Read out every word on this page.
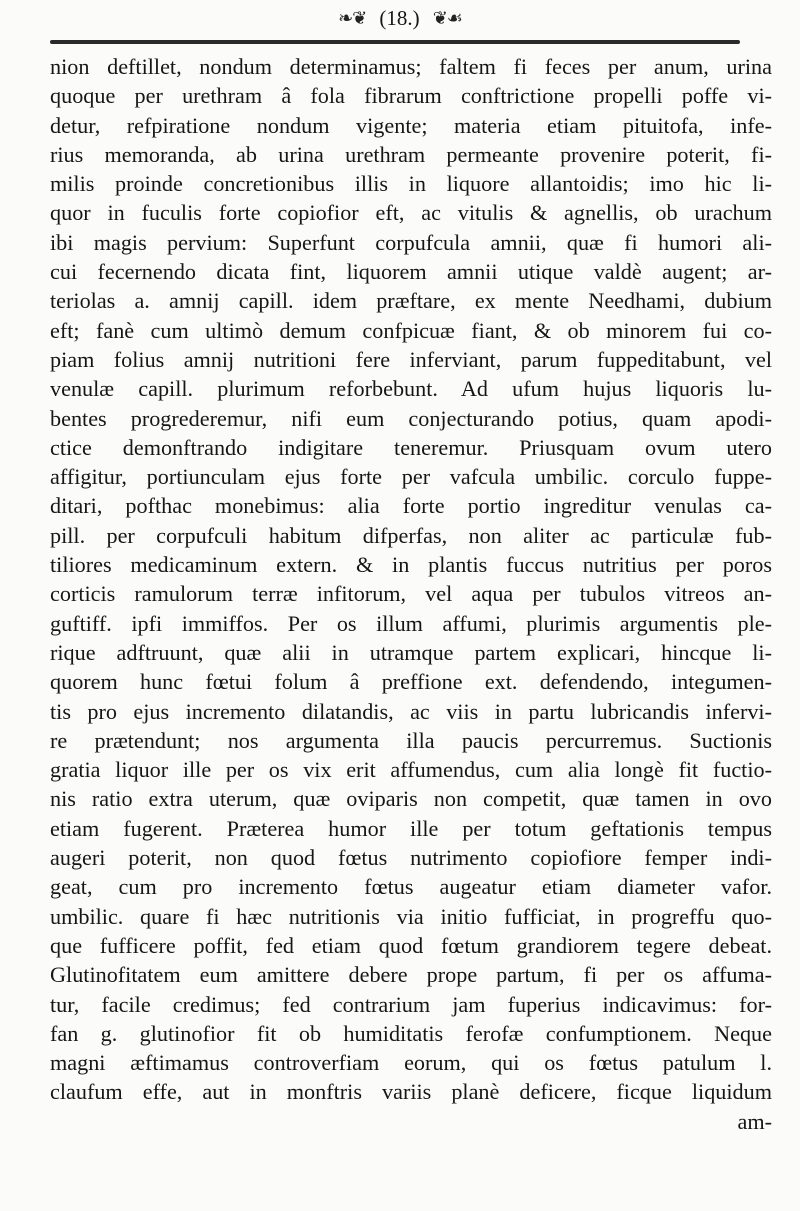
❧❦ (18.) ❦☙
nion deftillet, nondum determinamus; faltem fi feces per anum, urina
quoque per urethram â fola fibrarum conftrictione propelli poffe vi-
detur, refpiratione nondum vigente; materia etiam pituitofa, infe-
rius memoranda, ab urina urethram permeante provenire poterit, fi-
milis proinde concretionibus illis in liquore allantoidis; imo hic li-
quor in fuculis forte copiofior eft, ac vitulis & agnellis, ob urachum
ibi magis pervium: Superfunt corpufcula amnii, quæ fi humori ali-
cui fecernendo dicata fint, liquorem amnii utique valdè augent; ar-
teriolas a. amnij capill. idem præftare, ex mente Needhami, dubium
eft; fanè cum ultimò demum confpicuæ fiant, & ob minorem fui co-
piam folius amnij nutritioni fere inferviant, parum fuppeditabunt, vel
venulæ capill. plurimum reforbebunt. Ad ufum hujus liquoris lu-
bentes progrederemur, nifi eum conjecturando potius, quam apodi-
ctice demonftrando indigitare teneremur. Priusquam ovum utero
affigitur, portiunculam ejus forte per vafcula umbilic. corculo fuppe-
ditari, pofthac monebimus: alia forte portio ingreditur venulas ca-
pill. per corpufculi habitum difperfas, non aliter ac particulæ fub-
tiliores medicaminum extern. & in plantis fuccus nutritius per poros
corticis ramulorum terræ infitorum, vel aqua per tubulos vitreos an-
guftiff. ipfi immiffos. Per os illum affumi, plurimis argumentis ple-
rique adftruunt, quæ alii in utramque partem explicari, hincque li-
quorem hunc fœtui folum â preffione ext. defendendo, integumen-
tis pro ejus incremento dilatandis, ac viis in partu lubricandis infervi-
re prætendunt; nos argumenta illa paucis percurremus. Suctionis
gratia liquor ille per os vix erit affumendus, cum alia longè fit fuctio-
nis ratio extra uterum, quæ oviparis non competit, quæ tamen in ovo
etiam fugerent. Præterea humor ille per totum geftationis tempus
augeri poterit, non quod fœtus nutrimento copiofiore femper indi-
geat, cum pro incremento fœtus augeatur etiam diameter vafor.
umbilic. quare fi hæc nutritionis via initio fufficiat, in progreffu quo-
que fufficere poffit, fed etiam quod fœtum grandiorem tegere debeat.
Glutinofitatem eum amittere debere prope partum, fi per os affuma-
tur, facile credimus; fed contrarium jam fuperius indicavimus: for-
fan g. glutinofior fit ob humiditatis ferofæ confumptionem. Neque
magni æftimamus controverfiam eorum, qui os fœtus patulum l.
claufum effe, aut in monftris variis planè deficere, ficque liquidum
am-
